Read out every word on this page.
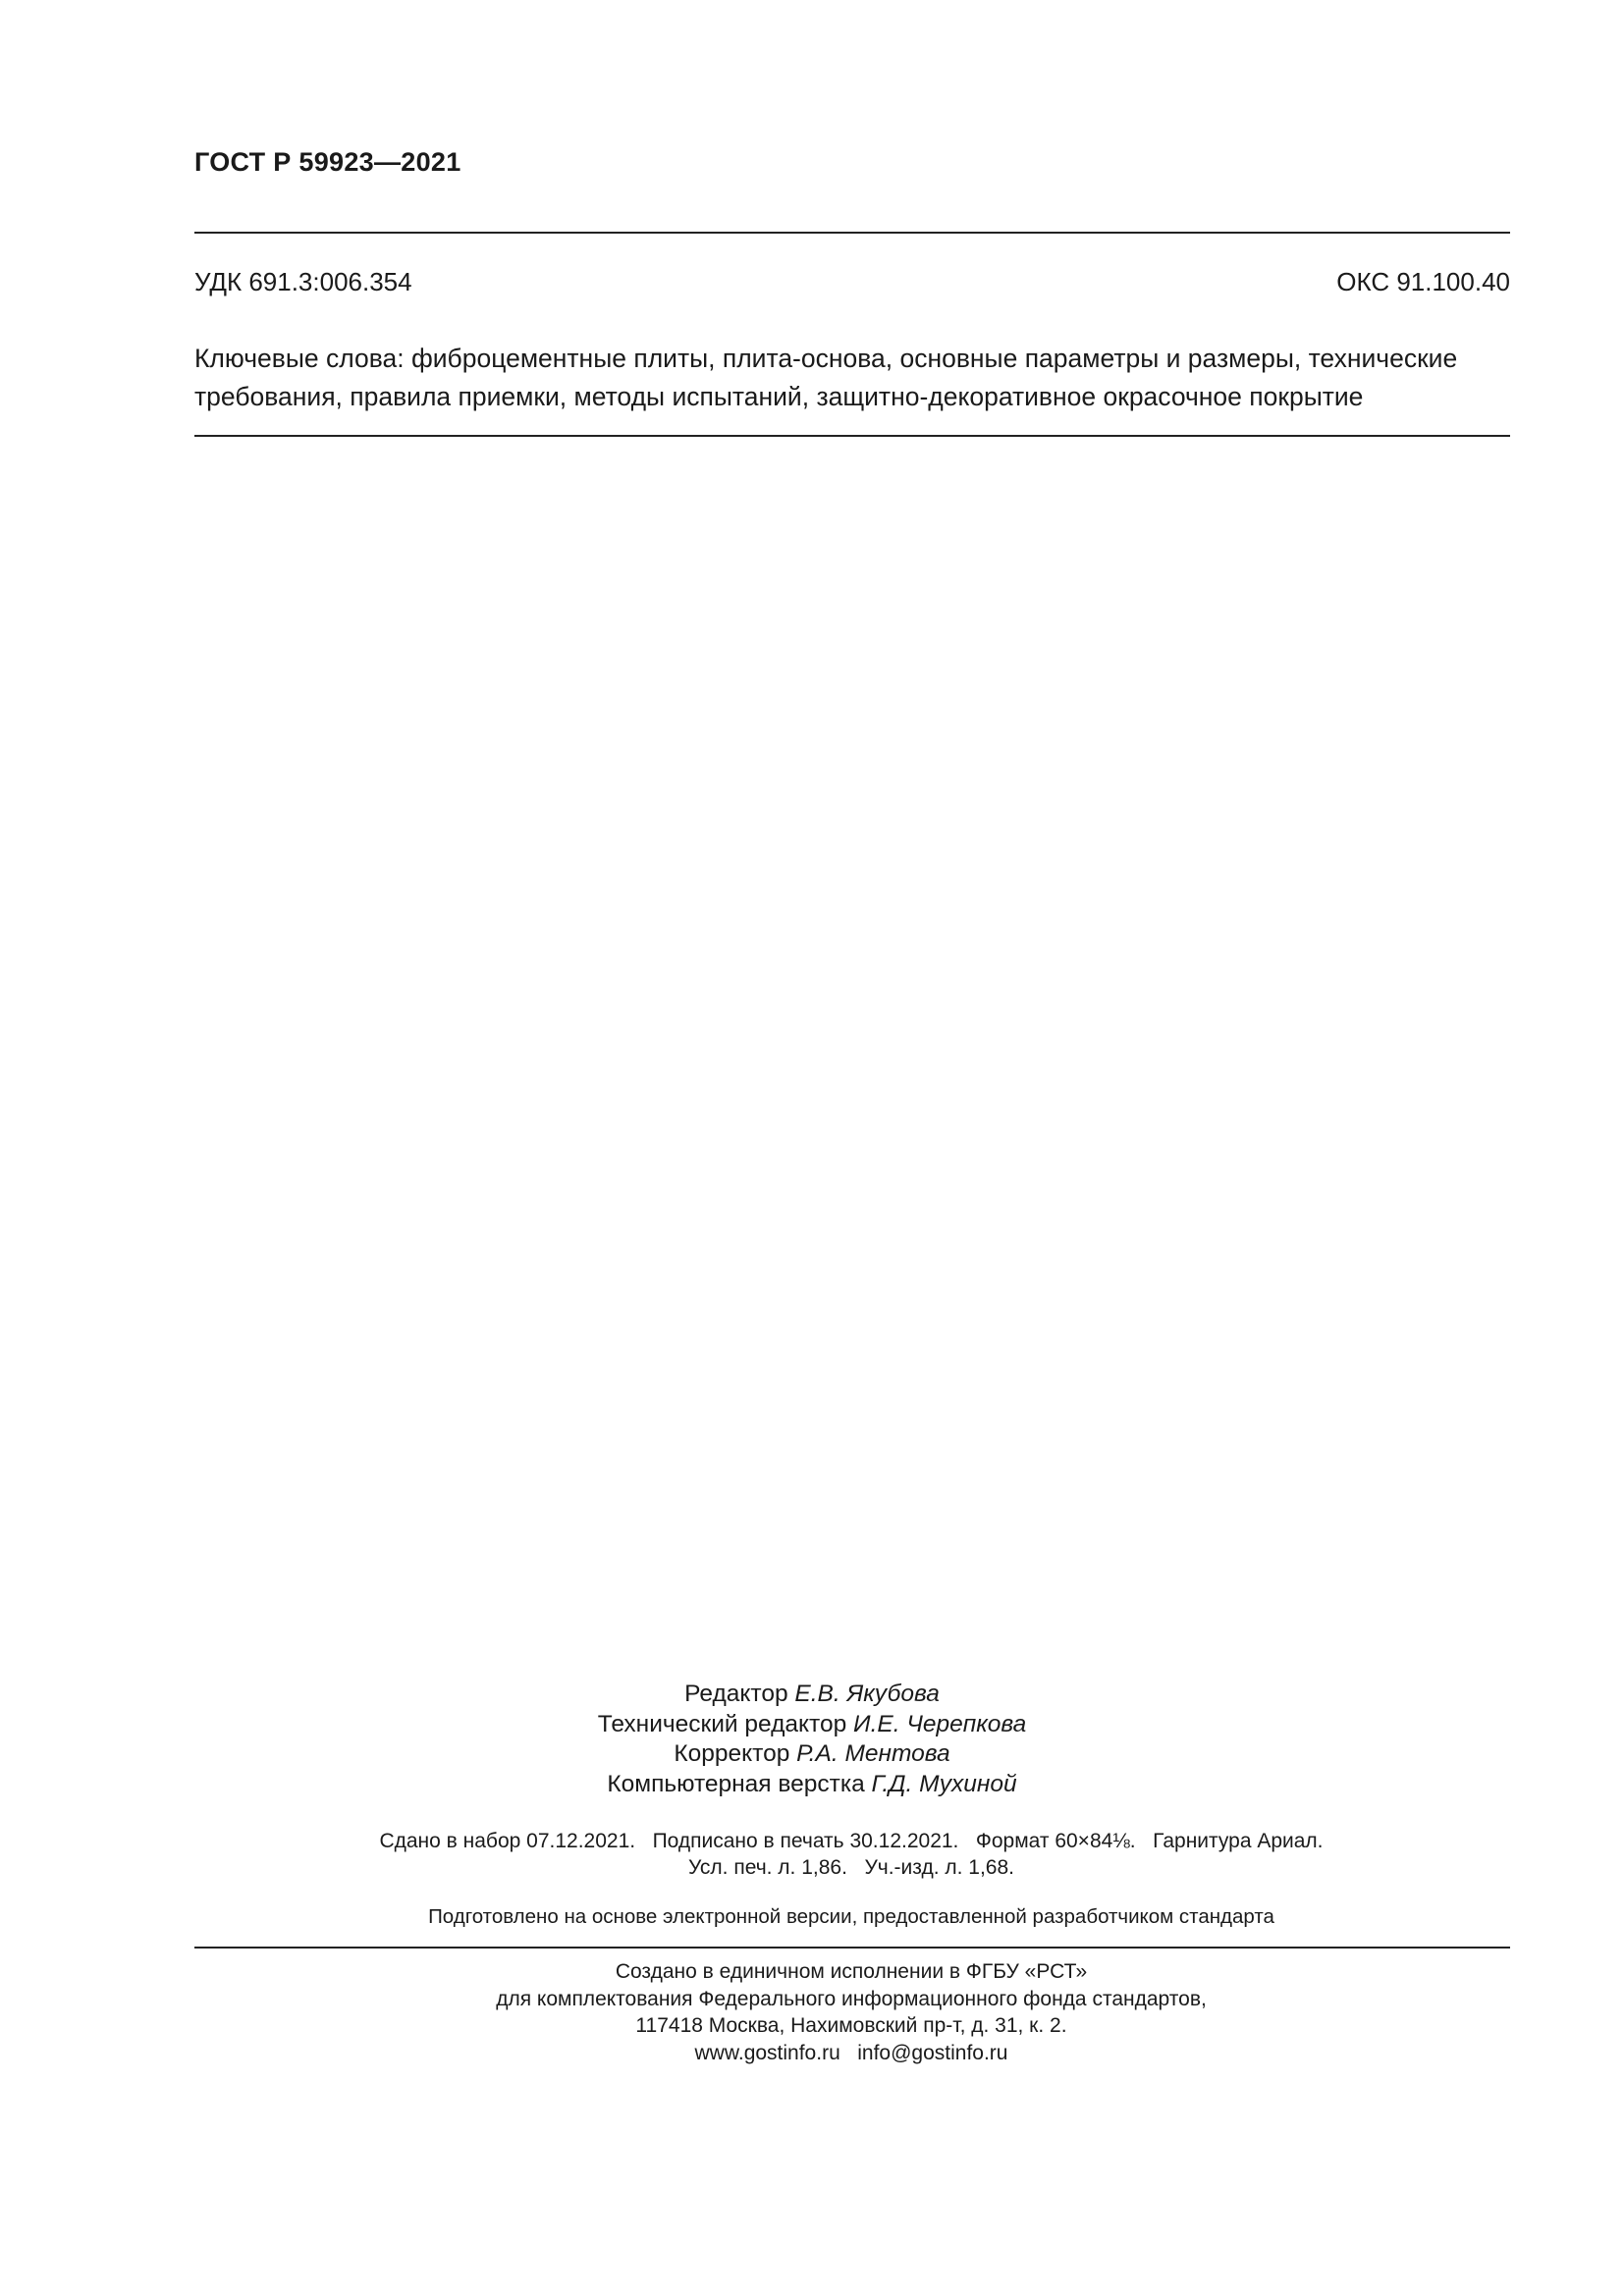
ГОСТ Р 59923—2021
УДК 691.3:006.354	ОКС 91.100.40
Ключевые слова: фиброцементные плиты, плита-основа, основные параметры и размеры, технические
требования, правила приемки, методы испытаний, защитно-декоративное окрасочное покрытие
Редактор Е.В. Якубова
Технический редактор И.Е. Черепкова
Корректор Р.А. Ментова
Компьютерная верстка Г.Д. Мухиной
Сдано в набор 07.12.2021.   Подписано в печать 30.12.2021.   Формат 60×84⅛.   Гарнитура Ариал.
Усл. печ. л. 1,86.   Уч.-изд. л. 1,68.
Подготовлено на основе электронной версии, предоставленной разработчиком стандарта
Создано в единичном исполнении в ФГБУ «РСТ»
для комплектования Федерального информационного фонда стандартов,
117418 Москва, Нахимовский пр-т, д. 31, к. 2.
www.gostinfo.ru   info@gostinfo.ru
